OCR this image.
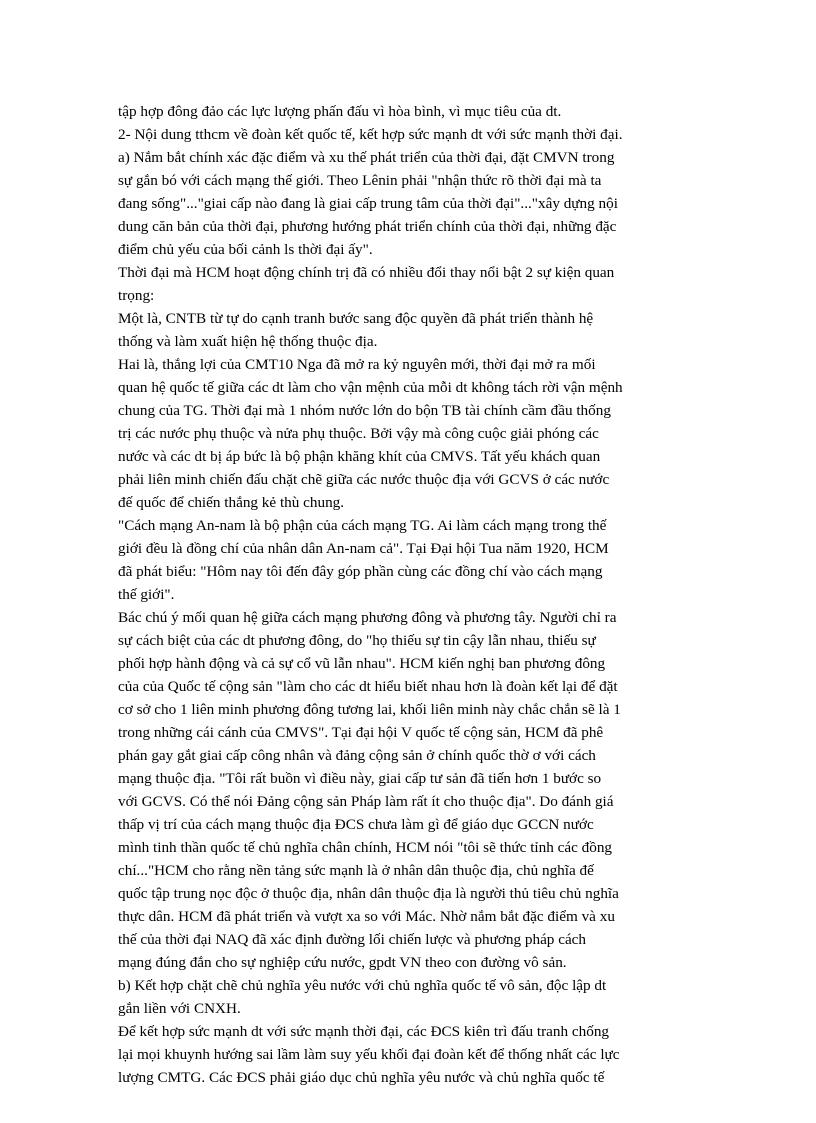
tập hợp đông đảo các lực lượng phấn đấu vì hòa bình, vì mục tiêu của dt.
2- Nội dung tthcm về đoàn kết quốc tế, kết hợp sức mạnh dt với sức mạnh thời đại.
a) Nắm bắt chính xác đặc điểm và xu thế phát triển của thời đại, đặt CMVN trong
sự gắn bó với cách mạng thế giới. Theo Lênin phải "nhận thức rõ thời đại mà ta
đang sống"..."giai cấp nào đang là giai cấp trung tâm của thời đại"..."xây dựng nội
dung căn bản của thời đại, phương hướng phát triển chính của thời đại, những đặc
điểm chủ yếu của bối cảnh ls thời đại ấy".
Thời đại mà HCM hoạt động chính trị đã có nhiều đổi thay nổi bật 2 sự kiện quan
trọng:
Một là, CNTB từ tự do cạnh tranh bước sang độc quyền đã phát triển thành hệ
thống và làm xuất hiện hệ thống thuộc địa.
Hai là, thắng lợi của CMT10 Nga đã mở ra kỷ nguyên mới, thời đại mở ra mối
quan hệ quốc tế giữa các dt làm cho vận mệnh của mỗi dt không tách rời vận mệnh
chung của TG. Thời đại mà 1 nhóm nước lớn do bộn TB tài chính cầm đầu thống
trị các nước phụ thuộc và nửa phụ thuộc. Bởi vậy mà công cuộc giải phóng các
nước và các dt bị áp bức là bộ phận khăng khít của CMVS. Tất yếu khách quan
phải liên minh chiến đấu chặt chẽ giữa các nước thuộc địa với GCVS ở các nước
đế quốc để chiến thắng kẻ thù chung.
"Cách mạng An-nam là bộ phận của cách mạng TG. Ai làm cách mạng trong thế
giới đều là đồng chí của nhân dân An-nam cả". Tại Đại hội Tua năm 1920, HCM
đã phát biểu: "Hôm nay tôi đến đây góp phần cùng các đồng chí vào cách mạng
thế giới".
Bác chú ý mối quan hệ giữa cách mạng phương đông và phương tây. Người chỉ ra
sự cách biệt của các dt phương đông, do "họ thiếu sự tin cậy lẫn nhau, thiếu sự
phối hợp hành động và cả sự cổ vũ lẫn nhau". HCM kiến nghị ban phương đông
của của Quốc tế cộng sản "làm cho các dt hiểu biết nhau hơn là đoàn kết lại để đặt
cơ sở cho 1 liên minh phương đông tương lai, khối liên minh này chắc chắn sẽ là 1
trong những cái cánh của CMVS". Tại đại hội V quốc tế cộng sản, HCM đã phê
phán gay gắt giai cấp công nhân và đảng cộng sản ở chính quốc thờ ơ với cách
mạng thuộc địa. "Tôi rất buồn vì điều này, giai cấp tư sản đã tiến hơn 1 bước so
với GCVS. Có thể nói Đảng cộng sản Pháp làm rất ít cho thuộc địa". Do đánh giá
thấp vị trí của cách mạng thuộc địa ĐCS chưa làm gì để giáo dục GCCN nước
mình tinh thần quốc tế chủ nghĩa chân chính, HCM nói "tôi sẽ thức tỉnh các đồng
chí..."HCM cho rằng nền tảng sức mạnh là ở nhân dân thuộc địa, chủ nghĩa đế
quốc tập trung nọc độc ở thuộc địa, nhân dân thuộc địa là người thủ tiêu chủ nghĩa
thực dân. HCM đã phát triển và vượt xa so với Mác. Nhờ nắm bắt đặc điểm và xu
thế của thời đại NAQ đã xác định đường lối chiến lược và phương pháp cách
mạng đúng đắn cho sự nghiệp cứu nước, gpdt VN theo con đường vô sản.
b) Kết hợp chặt chẽ chủ nghĩa yêu nước với chủ nghĩa quốc tế vô sản, độc lập dt
gắn liền với CNXH.
Để kết hợp sức mạnh dt với sức mạnh thời đại, các ĐCS kiên trì đấu tranh chống
lại mọi khuynh hướng sai lầm làm suy yếu khối đại đoàn kết để thống nhất các lực
lượng CMTG. Các ĐCS phải giáo dục chủ nghĩa yêu nước và chủ nghĩa quốc tế
